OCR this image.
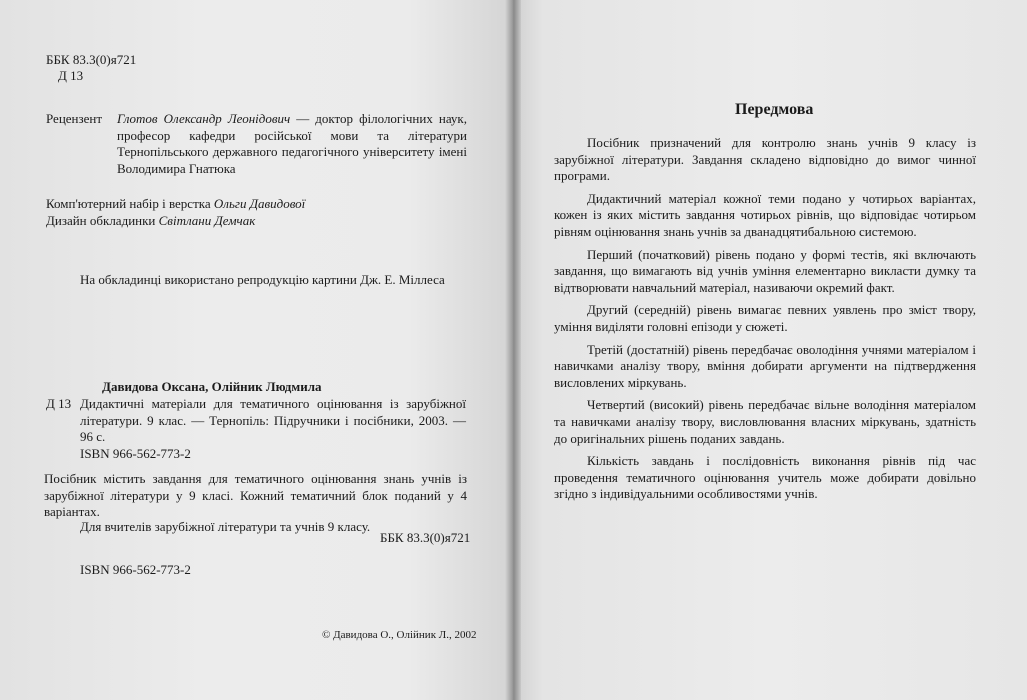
ББК 83.3(0)я721
Д 13
Рецензент Глотов Олександр Леонідович — доктор філологічних наук, професор кафедри російської мови та літератури Тернопільського державного педагогічного університету імені Володимира Гнатюка
Комп'ютерний набір і верстка Ольги Давидової
Дизайн обкладинки Світлани Демчак
На обкладинці використано репродукцію картини Дж. Е. Міллеса
Давидова Оксана, Олійник Людмила
Д 13 Дидактичні матеріали для тематичного оцінювання із зарубіжної літератури. 9 клас. — Тернопіль: Підручники і посібники, 2003. — 96 с.
ISBN 966-562-773-2
Посібник містить завдання для тематичного оцінювання знань учнів із зарубіжної літератури у 9 класі. Кожний тематичний блок поданий у 4 варіантах.
Для вчителів зарубіжної літератури та учнів 9 класу.
ББК 83.3(0)я721
ISBN 966-562-773-2
© Давидова О., Олійник Л., 2002
Передмова

Посібник призначений для контролю знань учнів 9 класу із зарубіжної літератури. Завдання складено відповідно до вимог чинної програми.

Дидактичний матеріал кожної теми подано у чотирьох варіантах, кожен із яких містить завдання чотирьох рівнів, що відповідає чотирьом рівням оцінювання знань учнів за дванадцятибальною системою.

Перший (початковий) рівень подано у формі тестів, які включають завдання, що вимагають від учнів уміння елементарно викласти думку та відтворювати навчальний матеріал, називаючи окремий факт.

Другий (середній) рівень вимагає певних уявлень про зміст твору, уміння виділяти головні епізоди у сюжеті.

Третій (достатній) рівень передбачає оволодіння учнями матеріалом і навичками аналізу твору, вміння добирати аргументи на підтвердження висловлених міркувань.

Четвертий (високий) рівень передбачає вільне володіння матеріалом та навичками аналізу твору, висловлювання власних міркувань, здатність до оригінальних рішень поданих завдань.

Кількість завдань і послідовність виконання рівнів під час проведення тематичного оцінювання учитель може добирати довільно згідно з індивідуальними особливостями учнів.
